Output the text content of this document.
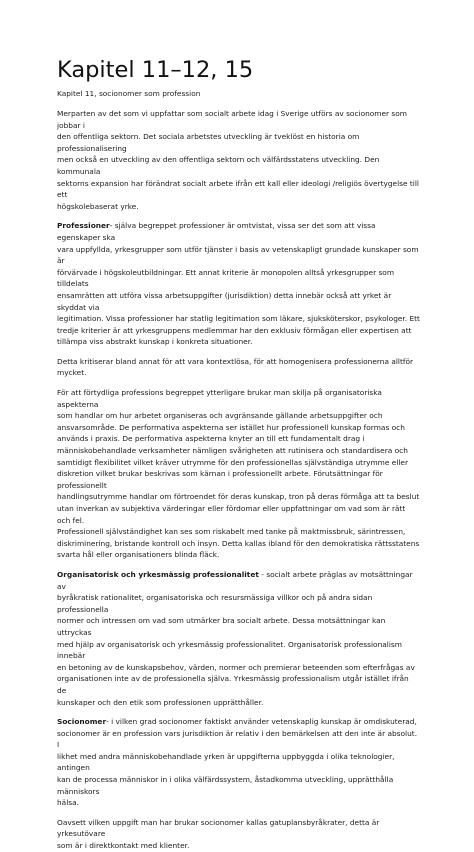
Kapitel 11–12, 15
Kapitel 11, socionomer som profession

Merparten av det som vi uppfattar som socialt arbete idag i Sverige utförs av socionomer som jobbar i
den offentliga sektorn. Det sociala arbetstes utveckling är tveklöst en historia om professionalisering
men också en utveckling av den offentliga sektorn och välfärdsstatens utveckling. Den kommunala
sektorns expansion har förändrat socialt arbete ifrån ett kall eller ideologi /religiös övertygelse till ett
högskolebaserat yrke.

Professioner- själva begreppet professioner är omtvistat, vissa ser det som att vissa egenskaper ska
vara uppfyllda, yrkesgrupper som utför tjänster i basis av vetenskapligt grundade kunskaper som är
förvärvade i högskoleutbildningar. Ett annat kriterie är monopolen alltså yrkesgrupper som tilldelats
ensamrätten att utföra vissa arbetsuppgifter (jurisdiktion) detta innebär också att yrket är skyddat via
legitimation. Vissa professioner har statlig legitimation som läkare, sjuksköterskor, psykologer. Ett
tredje kriterier är att yrkesgruppens medlemmar har den exklusiv förmågan eller expertisen att
tillämpa viss abstrakt kunskap i konkreta situationer.

Detta kritiserar bland annat för att vara kontextlösa, för att homogenisera professionerna alltför
mycket.

För att förtydliga professions begreppet ytterligare brukar man skilja på organisatoriska aspekterna
som handlar om hur arbetet organiseras och avgränsande gällande arbetsuppgifter och
ansvarsområde. De performativa aspekterna ser istället hur professionell kunskap formas och
används i praxis. De performativa aspekterna knyter an till ett fundamentalt drag i
människobehandlade verksamheter nämligen svårigheten att rutinisera och standardisera och
samtidigt flexibilitet vilket kräver utrymme för den professionellas självständiga utrymme eller
diskretion vilket brukar beskrivas som kärnan i professionellt arbete. Förutsättningar för professionellt
handlingsutrymme handlar om förtroendet för deras kunskap, tron på deras förmåga att ta beslut
utan inverkan av subjektiva värderingar eller fördomar eller uppfattningar om vad som är rätt och fel.
Professionell självständighet kan ses som riskabelt med tanke på maktmissbruk, särintressen,
diskriminering, bristande kontroll och insyn. Detta kallas ibland för den demokratiska rättsstatens
svarta hål eller organisationers blinda fläck.

Organisatorisk och yrkesmässig professionalitet - socialt arbete präglas av motsättningar av
byråkratisk rationalitet, organisatoriska och resursmässiga villkor och på andra sidan professionella
normer och intressen om vad som utmärker bra socialt arbete. Dessa motsättningar kan uttryckas
med hjälp av organisatorisk och yrkesmässig professionalitet. Organisatorisk professionalism innebär
en betoning av de kunskapsbehov, värden, normer och premierar beteenden som efterfrågas av
organisationen inte av de professionella själva. Yrkesmässig professionalism utgår istället ifrån de
kunskaper och den etik som professionen upprätthåller.

Socionomer- i vilken grad socionomer faktiskt använder vetenskaplig kunskap är omdiskuterad,
socionomer är en profession vars jurisdiktion är relativ i den bemärkelsen att den inte är absolut. I
likhet med andra människobehandlade yrken är uppgifterna uppbyggda i olika teknologier, antingen
kan de processa människor in i olika välfärdssystem, åstadkomma utveckling, upprätthålla människors
hälsa.

Oavsett vilken uppgift man har brukar socionomer kallas gatuplansbyråkrater, detta är yrkesutövare
som är i direktkontakt med klienter.
